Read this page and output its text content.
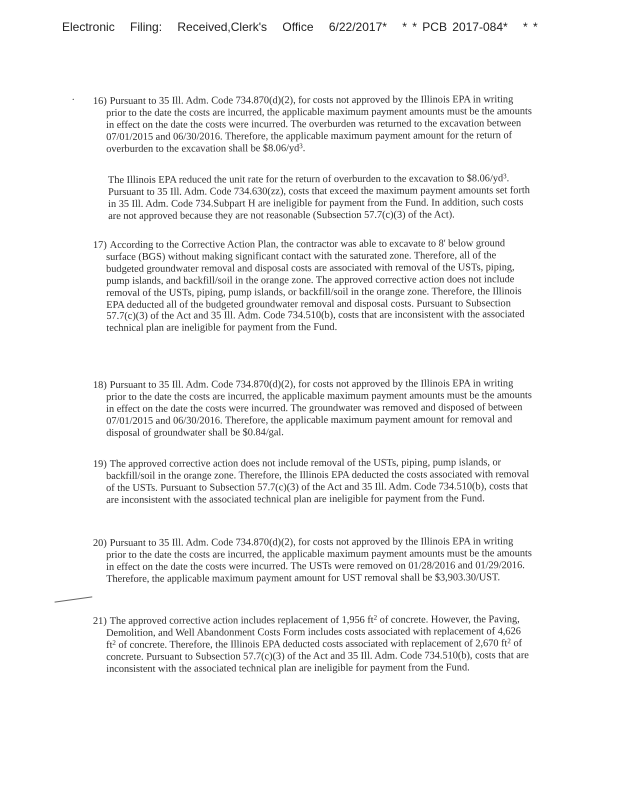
Electronic Filing: Received,Clerk's Office 6/22/2017* * * PCB 2017-084* * *
. 16) Pursuant to 35 Ill. Adm. Code 734.870(d)(2), for costs not approved by the Illinois EPA in writing prior to the date the costs are incurred, the applicable maximum payment amounts must be the amounts in effect on the date the costs were incurred. The overburden was returned to the excavation between 07/01/2015 and 06/30/2016. Therefore, the applicable maximum payment amount for the return of overburden to the excavation shall be $\$8.06/yd^3$.
The Illinois EPA reduced the unit rate for the return of overburden to the excavation to $\$8.06/yd^3$. Pursuant to 35 Ill. Adm. Code 734.630(zz), costs that exceed the maximum payment amounts set forth in 35 Ill. Adm. Code 734.Subpart H are ineligible for payment from the Fund. In addition, such costs are not approved because they are not reasonable (Subsection 57.7(c)(3) of the Act).
17) According to the Corrective Action Plan, the contractor was able to excavate to 8' below ground surface (BGS) without making significant contact with the saturated zone. Therefore, all of the budgeted groundwater removal and disposal costs are associated with removal of the USTs, piping, pump islands, and backfill/soil in the orange zone. The approved corrective action does not include removal of the USTs, piping, pump islands, or backfill/soil in the orange zone. Therefore, the Illinois EPA deducted all of the budgeted groundwater removal and disposal costs. Pursuant to Subsection 57.7(c)(3) of the Act and 35 Ill. Adm. Code 734.510(b), costs that are inconsistent with the associated technical plan are ineligible for payment from the Fund.
18) Pursuant to 35 Ill. Adm. Code 734.870(d)(2), for costs not approved by the Illinois EPA in writing prior to the date the costs are incurred, the applicable maximum payment amounts must be the amounts in effect on the date the costs were incurred. The groundwater was removed and disposed of between 07/01/2015 and 06/30/2016. Therefore, the applicable maximum payment amount for removal and disposal of groundwater shall be $0.84/gal.
19) The approved corrective action does not include removal of the USTs, piping, pump islands, or backfill/soil in the orange zone. Therefore, the Illinois EPA deducted the costs associated with removal of the USTs. Pursuant to Subsection 57.7(c)(3) of the Act and 35 Ill. Adm. Code 734.510(b), costs that are inconsistent with the associated technical plan are ineligible for payment from the Fund.
20) Pursuant to 35 Ill. Adm. Code 734.870(d)(2), for costs not approved by the Illinois EPA in writing prior to the date the costs are incurred, the applicable maximum payment amounts must be the amounts in effect on the date the costs were incurred. The USTs were removed on 01/28/2016 and 01/29/2016. Therefore, the applicable maximum payment amount for UST removal shall be $3,903.30/UST.
21) The approved corrective action includes replacement of 1,956 $ft^2$ of concrete. However, the Paving, Demolition, and Well Abandonment Costs Form includes costs associated with replacement of 4,626 $ft^2$ of concrete. Therefore, the Illinois EPA deducted costs associated with replacement of 2,670 $ft^2$ of concrete. Pursuant to Subsection 57.7(c)(3) of the Act and 35 Ill. Adm. Code 734.510(b), costs that are inconsistent with the associated technical plan are ineligible for payment from the Fund.
